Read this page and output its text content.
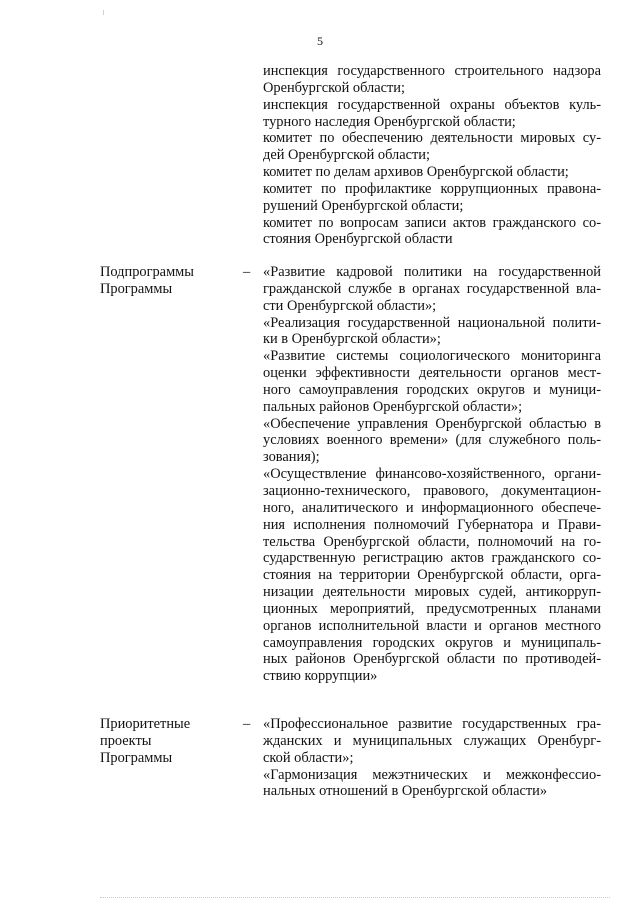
5
инспекция государственного строительного надзора
Оренбургской области;
инспекция государственной охраны объектов куль-
турного наследия Оренбургской области;
комитет по обеспечению деятельности мировых су-
дей Оренбургской области;
комитет по делам архивов Оренбургской области;
комитет по профилактике коррупционных правона-
рушений Оренбургской области;
комитет по вопросам записи актов гражданского со-
стояния Оренбургской области
Подпрограммы
Программы
– «Развитие кадровой политики на государственной
гражданской службе в органах государственной вла-
сти Оренбургской области»;
«Реализация государственной национальной полити-
ки в Оренбургской области»;
«Развитие системы социологического мониторинга
оценки эффективности деятельности органов мест-
ного самоуправления городских округов и муници-
пальных районов Оренбургской области»;
«Обеспечение управления Оренбургской областью в
условиях военного времени» (для служебного поль-
зования);
«Осуществление финансово-хозяйственного, органи-
зационно-технического, правового, документацион-
ного, аналитического и информационного обеспече-
ния исполнения полномочий Губернатора и Прави-
тельства Оренбургской области, полномочий на го-
сударственную регистрацию актов гражданского со-
стояния на территории Оренбургской области, орга-
низации деятельности мировых судей, антикорруп-
ционных мероприятий, предусмотренных планами
органов исполнительной власти и органов местного
самоуправления городских округов и муниципаль-
ных районов Оренбургской области по противодей-
ствию коррупции»
Приоритетные
проекты
Программы
– «Профессиональное развитие государственных гра-
жданских и муниципальных служащих Оренбург-
ской области»;
«Гармонизация межэтнических и межконфессио-
нальных отношений в Оренбургской области»
